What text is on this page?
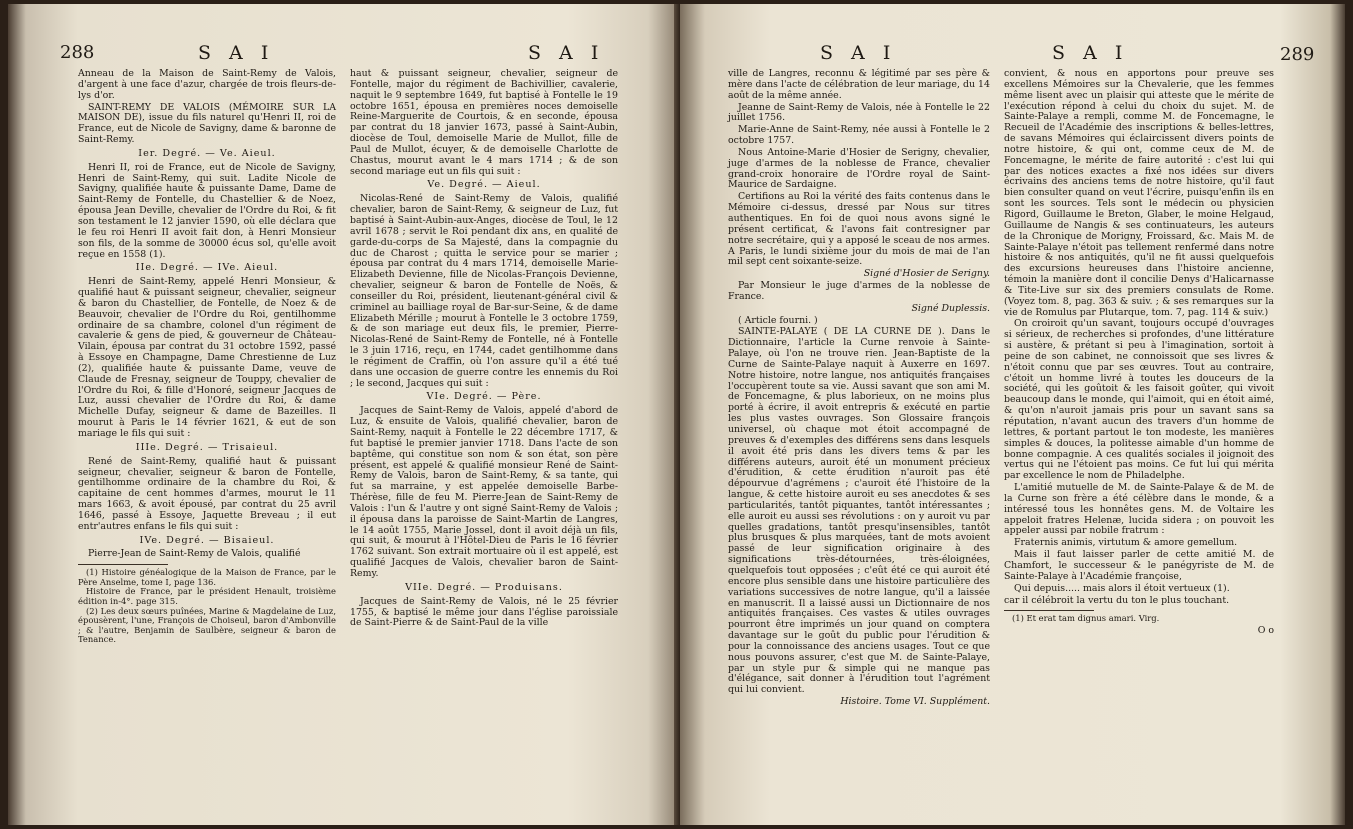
288	S A I	S A I

Anneau de la Maison de Saint-Remy de Valois, d'argent à une face d'azur, chargée de trois fleurs-de-lys d'or.

SAINT-REMY DE VALOIS (MÉMOIRE SUR LA MAISON DE), issue du fils naturel qu'Henri II, roi de France, eut de Nicole de Savigny, dame & baronne de Saint-Remy.

Ier. Degré. — Ve. Aieul.

Henri II, roi de France, eut de Nicole de Savigny, Henri de Saint-Remy, qui suit. Ladite Nicole de Savigny, qualifiée haute & puissante Dame, Dame de Saint-Remy de Fontelle, du Chastellier & de Noez, épousa Jean Deville, chevalier de l'Ordre du Roi, & fit son testament le 12 janvier 1590, où elle déclara que le feu roi Henri II avoit fait don, à Henri Monsieur son fils, de la somme de 30000 écus sol, qu'elle avoit reçue en 1558 (1).

IIe. Degré. — IVe. Aieul.

Henri de Saint-Remy, appelé Henri Monsieur, & qualifié haut & puissant seigneur, chevalier, seigneur & baron du Chastellier, de Fontelle, de Noez & de Beauvoir, chevalier de l'Ordre du Roi, gentilhomme ordinaire de sa chambre, colonel d'un régiment de cavalerie & gens de pied, & gouverneur de Château-Vilain, épousa par contrat du 31 octobre 1592, passé à Essoye en Champagne, Dame Chrestienne de Luz (2), qualifiée haute & puissante Dame, veuve de Claude de Fresnay, seigneur de Touppy, chevalier de l'Ordre du Roi, & fille d'Honoré, seigneur Jacques de Luz, aussi chevalier de l'Ordre du Roi, & dame Michelle Dufay, seigneur & dame de Bazeilles. Il mourut à Paris le 14 février 1621, & eut de son mariage le fils qui suit :

IIIe. Degré. — Trisaieul.

René de Saint-Remy, qualifié haut & puissant seigneur, chevalier, seigneur & baron de Fontelle, gentilhomme ordinaire de la chambre du Roi, & capitaine de cent hommes d'armes, mourut le 11 mars 1663, & avoit épousé, par contrat du 25 avril 1646, passé à Essoye, Jaquette Breveau ; il eut entr'autres enfans le fils qui suit :

IVe. Degré. — Bisaieul.

Pierre-Jean de Saint-Remy de Valois, qualifié

(1) Histoire généalogique de la Maison de France, par le Père Anselme, tome I, page 136.

Histoire de France, par le président Henault, troisième édition in-4°. page 315.

(2) Les deux sœurs puînées, Marine & Magdelaine de Luz, épousèrent, l'une, François de Choiseul, baron d'Ambonville ; & l'autre, Benjamin de Saulbère, seigneur & baron de Tenance.

haut & puissant seigneur, chevalier, seigneur de Fontelle, major du régiment de Bachivillier, cavalerie, naquit le 9 septembre 1649, fut baptisé à Fontelle le 19 octobre 1651, épousa en premières noces demoiselle Reine-Marguerite de Courtois, & en seconde, épousa par contrat du 18 janvier 1673, passé à Saint-Aubin, diocèse de Toul, demoiselle Marie de Mullot, fille de Paul de Mullot, écuyer, & de demoiselle Charlotte de Chastus, mourut avant le 4 mars 1714 ; & de son second mariage eut un fils qui suit :

Ve. Degré. — Aieul.

Nicolas-René de Saint-Remy de Valois, qualifié chevalier, baron de Saint-Remy, & seigneur de Luz, fut baptisé à Saint-Aubin-aux-Anges, diocèse de Toul, le 12 avril 1678 ; servit le Roi pendant dix ans, en qualité de garde-du-corps de Sa Majesté, dans la compagnie du duc de Charost ; quitta le service pour se marier ; épousa par contrat du 4 mars 1714, demoiselle Marie-Elizabeth Devienne, fille de Nicolas-François Devienne, chevalier, seigneur & baron de Fontelle de Noës, & conseiller du Roi, président, lieutenant-général civil & criminel au bailliage royal de Bar-sur-Seine, & de dame Elizabeth Mérille ; mourut à Fontelle le 3 octobre 1759, & de son mariage eut deux fils, le premier, Pierre-Nicolas-René de Saint-Remy de Fontelle, né à Fontelle le 3 juin 1716, reçu, en 1744, cadet gentilhomme dans le régiment de Craffin, où l'on assure qu'il a été tué dans une occasion de guerre contre les ennemis du Roi ; le second, Jacques qui suit :

VIe. Degré. — Père.

Jacques de Saint-Remy de Valois, appelé d'abord de Luz, & ensuite de Valois, qualifié chevalier, baron de Saint-Remy, naquit à Fontelle le 22 décembre 1717, & fut baptisé le premier janvier 1718. Dans l'acte de son baptême, qui constitue son nom & son état, son père présent, est appelé & qualifié monsieur René de Saint-Remy de Valois, baron de Saint-Remy, & sa tante, qui fut sa marraine, y est appelée demoiselle Barbe-Thérèse, fille de feu M. Pierre-Jean de Saint-Remy de Valois : l'un & l'autre y ont signé Saint-Remy de Valois ; il épousa dans la paroisse de Saint-Martin de Langres, le 14 août 1755, Marie Jossel, dont il avoit déjà un fils, qui suit, & mourut à l'Hôtel-Dieu de Paris le 16 février 1762 suivant. Son extrait mortuaire où il est appelé, est qualifié Jacques de Valois, chevalier baron de Saint-Remy.

VIIe. Degré. — Produisans.

Jacques de Saint-Remy de Valois, né le 25 février 1755, & baptisé le même jour dans l'église paroissiale de Saint-Pierre & de Saint-Paul de la ville

S A I	S A I	289

ville de Langres, reconnu & légitimé par ses père & mère dans l'acte de célébration de leur mariage, du 14 août de la même année.

Jeanne de Saint-Remy de Valois, née à Fontelle le 22 juillet 1756.

Marie-Anne de Saint-Remy, née aussi à Fontelle le 2 octobre 1757.

Nous Antoine-Marie d'Hosier de Serigny, chevalier, juge d'armes de la noblesse de France, chevalier grand-croix honoraire de l'Ordre royal de Saint-Maurice de Sardaigne.

Certifions au Roi la vérité des faits contenus dans le Mémoire ci-dessus, dressé par Nous sur titres authentiques. En foi de quoi nous avons signé le présent certificat, & l'avons fait contresigner par notre secrétaire, qui y a apposé le sceau de nos armes. A Paris, le lundi sixième jour du mois de mai de l'an mil sept cent soixante-seize.

Signé d'Hosier de Serigny.

Par Monsieur le juge d'armes de la noblesse de France.

Signé Duplessis.

( Article fourni. )

SAINTE-PALAYE ( DE LA CURNE DE ). Dans le Dictionnaire, l'article la Curne renvoie à Sainte-Palaye, où l'on ne trouve rien. Jean-Baptiste de la Curne de Sainte-Palaye naquit à Auxerre en 1697. Notre histoire, notre langue, nos antiquités françaises l'occupèrent toute sa vie. Aussi savant que son ami M. de Foncemagne, & plus laborieux, on ne moins plus porté à écrire, il avoit entrepris & exécuté en partie les plus vastes ouvrages. Son Glossaire françois universel, où chaque mot étoit accompagné de preuves & d'exemples des différens sens dans lesquels il avoit été pris dans les divers tems & par les différens auteurs, auroit été un monument précieux d'érudition, & cette érudition n'auroit pas été dépourvue d'agrémens ; c'auroit été l'histoire de la langue, & cette histoire auroit eu ses anecdotes & ses particularités, tantôt piquantes, tantôt intéressantes ; elle auroit eu aussi ses révolutions : on y auroit vu par quelles gradations, tantôt presqu'insensibles, tantôt plus brusques & plus marquées, tant de mots avoient passé de leur signification originaire à des significations très-détournées, très-éloignées, quelquefois tout opposées ; c'eût été ce qui auroit été encore plus sensible dans une histoire particulière des variations successives de notre langue, qu'il a laissée en manuscrit. Il a laissé aussi un Dictionnaire de nos antiquités françaises. Ces vastes & utiles ouvrages pourront être imprimés un jour quand on comptera davantage sur le goût du public pour l'érudition & pour la connoissance des anciens usages. Tout ce que nous pouvons assurer, c'est que M. de Sainte-Palaye, par un style pur & simple qui ne manque pas d'élégance, sait donner à l'érudition tout l'agrément qui lui convient.

Histoire. Tome VI. Supplément.

convient, & nous en apportons pour preuve ses excellens Mémoires sur la Chevalerie, que les femmes même lisent avec un plaisir qui atteste que le mérite de l'exécution répond à celui du choix du sujet. M. de Sainte-Palaye a rempli, comme M. de Foncemagne, le Recueil de l'Académie des inscriptions & belles-lettres, de savans Mémoires qui éclaircissent divers points de notre histoire, & qui ont, comme ceux de M. de Foncemagne, le mérite de faire autorité : c'est lui qui par des notices exactes a fixé nos idées sur divers écrivains des anciens tems de notre histoire, qu'il faut bien consulter quand on veut l'écrire, puisqu'enfin ils en sont les sources. Tels sont le médecin ou physicien Rigord, Guillaume le Breton, Glaber, le moine Helgaud, Guillaume de Nangis & ses continuateurs, les auteurs de la Chronique de Morigny, Froissard, &c. Mais M. de Sainte-Palaye n'étoit pas tellement renfermé dans notre histoire & nos antiquités, qu'il ne fit aussi quelquefois des excursions heureuses dans l'histoire ancienne, témoin la manière dont il concilie Denys d'Halicarnasse & Tite-Live sur six des premiers consulats de Rome. (Voyez tom. 8, pag. 363 & suiv. ; & ses remarques sur la vie de Romulus par Plutarque, tom. 7, pag. 114 & suiv.)

On croiroit qu'un savant, toujours occupé d'ouvrages si sérieux, de recherches si profondes, d'une littérature si austère, & prétant si peu à l'imagination, sortoit à peine de son cabinet, ne connoissoit que ses livres & n'étoit connu que par ses œuvres. Tout au contraire, c'étoit un homme livré à toutes les douceurs de la société, qui les goûtoit & les faisoit goûter, qui vivoit beaucoup dans le monde, qui l'aimoit, qui en étoit aimé, & qu'on n'auroit jamais pris pour un savant sans sa réputation, n'avant aucun des travers d'un homme de lettres, & portant partout le ton modeste, les manières simples & douces, la politesse aimable d'un homme de bonne compagnie. A ces qualités sociales il joignoit des vertus qui ne l'étoient pas moins. Ce fut lui qui mérita par excellence le nom de Philadelphe.

L'amitié mutuelle de M. de Sainte-Palaye & de M. de la Curne son frère a été célèbre dans le monde, & a intéressé tous les honnêtes gens. M. de Voltaire les appeloit fratres Helenæ, lucida sidera ; on pouvoit les appeler aussi par nobile fratrum :

Fraternis animis, virtutum & amore gemellum.

Mais il faut laisser parler de cette amitié M. de Chamfort, le successeur & le panégyriste de M. de Sainte-Palaye à l'Académie françoise,

Qui depuis..... mais alors il étoit vertueux (1).

car il célébroit la vertu du ton le plus touchant.

(1) Et erat tam dignus amari. Virg.

O o
